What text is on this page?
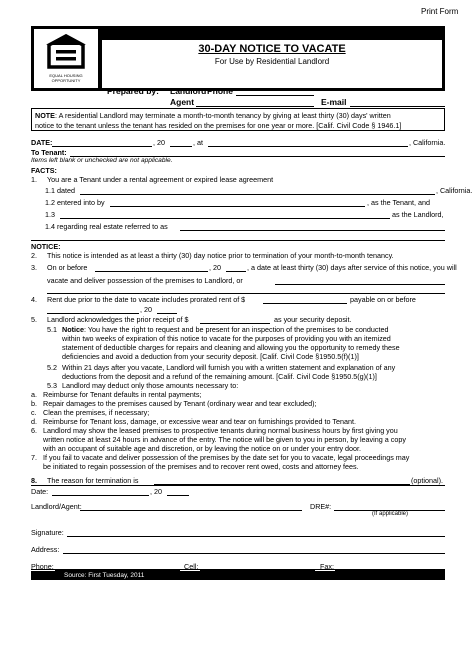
Print Form
EQUAL HOUSING
OPPORTUNITY
30-DAY NOTICE TO VACATE
For Use by Residential Landlord
Prepared by: Landlord Phone
Agent	E-mail
NOTE: A residential Landlord may terminate a month-to-month tenancy by giving at least thirty (30) days' written
notice to the tenant unless the tenant has resided on the premises for one year or more. [Calif. Civil Code § 1946.1]
DATE:	, 20	, at	, California.
To Tenant:
Items left blank or unchecked are not applicable.
FACTS:
1. You are a Tenant under a rental agreement or expired lease agreement
1.1 dated	, California.
1.2 entered into by	, as the Tenant, and
1.3	as the Landlord,
1.4 regarding real estate referred to as
NOTICE:
2. This notice is intended as at least a thirty (30) day notice prior to termination of your month-to-month tenancy.
3. On or before	, 20	, a date at least thirty (30) days after service of this notice, you will
vacate and deliver possession of the premises to Landlord, or
4. Rent due prior to the date to vacate includes prorated rent of $	payable on or before
, 20
5. Landlord acknowledges the prior receipt of $	as your security deposit.
5.1 Notice: You have the right to request and be present for an inspection of the premises to be conducted
within two weeks of expiration of this notice to vacate for the purposes of providing you with an itemized
statement of deductible charges for repairs and cleaning and allowing you the opportunity to remedy these
deficiencies and avoid a deduction from your security deposit. [Calif. Civil Code §1950.5(f)(1)]
5.2 Within 21 days after you vacate, Landlord will furnish you with a written statement and explanation of any
deductions from the deposit and a refund of the remaining amount. [Calif. Civil Code §1950.5(g)(1)]
5.3 Landlord may deduct only those amounts necessary to:
a. Reimburse for Tenant defaults in rental payments;
b. Repair damages to the premises caused by Tenant (ordinary wear and tear excluded);
c. Clean the premises, if necessary;
d. Reimburse for Tenant loss, damage, or excessive wear and tear on furnishings provided to Tenant.
6. Landlord may show the leased premises to prospective tenants during normal business hours by first giving you
written notice at least 24 hours in advance of the entry. The notice will be given to you in person, by leaving a copy
with an occupant of suitable age and discretion, or by leaving the notice on or under your entry door.
7. If you fail to vacate and deliver possession of the premises by the date set for you to vacate, legal proceedings may
be initiated to regain possession of the premises and to recover rent owed, costs and attorney fees.
8. The reason for termination is	(optional).
Date:	, 20
Landlord/Agent:	DRE#:
(If applicable)
Signature:
Address:
Phone:	Cell:	Fax:
Source: First Tuesday, 2011
